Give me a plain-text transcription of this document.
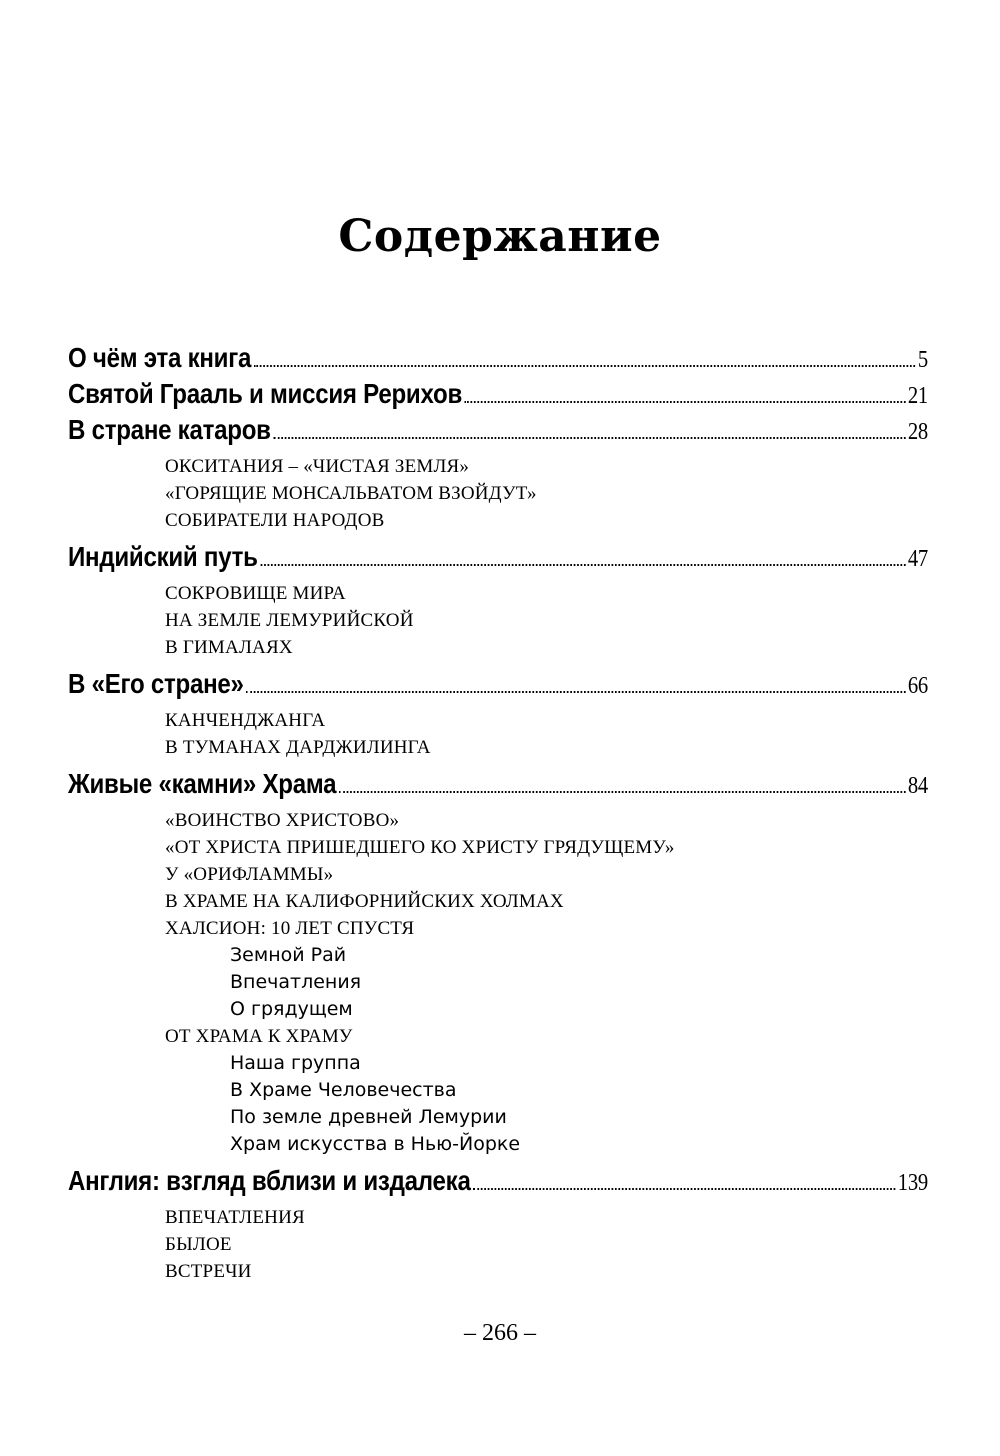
Содержание
О чём эта книга	5
Святой Грааль и миссия Рерихов	21
В стране катаров	28
ОКСИТАНИЯ – «ЧИСТАЯ ЗЕМЛЯ»
«ГОРЯЩИЕ МОНСАЛЬВАТОМ ВЗОЙДУТ»
СОБИРАТЕЛИ НАРОДОВ
Индийский путь	47
СОКРОВИЩЕ МИРА
НА ЗЕМЛЕ ЛЕМУРИЙСКОЙ
В ГИМАЛАЯХ
В «Его стране»	66
КАНЧЕНДЖАНГА
В ТУМАНАХ ДАРДЖИЛИНГА
Живые «камни» Храма	84
«ВОИНСТВО ХРИСТОВО»
«ОТ ХРИСТА ПРИШЕДШЕГО КО ХРИСТУ ГРЯДУЩЕМУ»
У «ОРИФЛАММЫ»
В ХРАМЕ НА КАЛИФОРНИЙСКИХ ХОЛМАХ
ХАЛСИОН: 10 ЛЕТ СПУСТЯ
Земной Рай
Впечатления
О грядущем
ОТ ХРАМА К ХРАМУ
Наша группа
В Храме Человечества
По земле древней Лемурии
Храм искусства в Нью-Йорке
Англия: взгляд вблизи и издалека	139
ВПЕЧАТЛЕНИЯ
БЫЛОЕ
ВСТРЕЧИ
– 266 –
